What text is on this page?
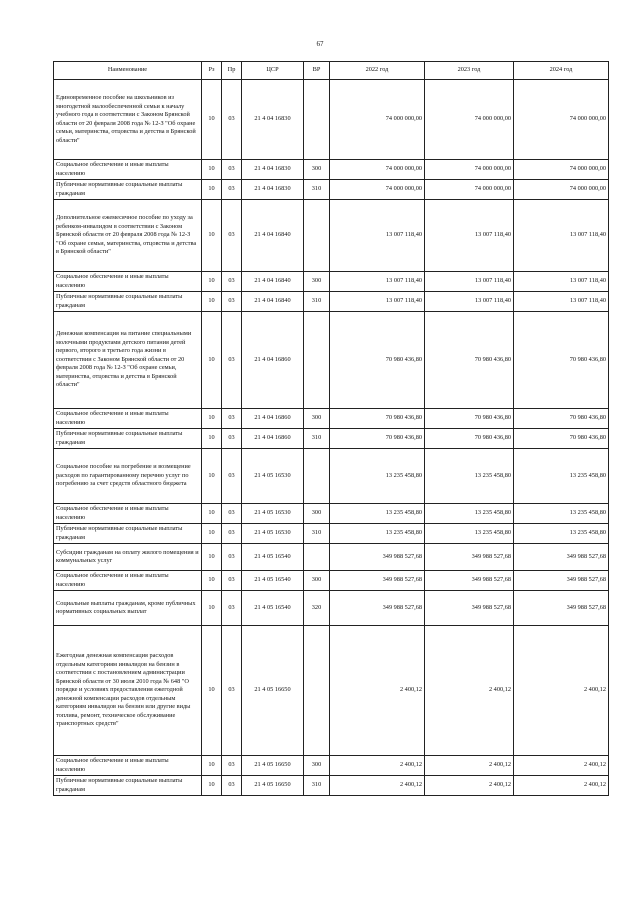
67
Наименование	Рз	Пр	ЦСР	ВР	2022 год	2023 год	2024 год
Единовременное пособие на школьников из многодетной малообеспеченной семьи к началу учебного года в соответствии с Законом Брянской области от 20 февраля 2008 года № 12-З "Об охране семьи, материнства, отцовства и детства в Брянской области"	10	03	21 4 04 16830		74 000 000,00	74 000 000,00	74 000 000,00
Социальное обеспечение и иные выплаты населению	10	03	21 4 04 16830	300	74 000 000,00	74 000 000,00	74 000 000,00
Публичные нормативные социальные выплаты гражданам	10	03	21 4 04 16830	310	74 000 000,00	74 000 000,00	74 000 000,00
Дополнительное ежемесячное пособие по уходу за ребенком-инвалидом в соответствии с Законом Брянской области от 20 февраля 2008 года № 12-З "Об охране семьи, материнства, отцовства и детства в Брянской области"	10	03	21 4 04 16840		13 007 118,40	13 007 118,40	13 007 118,40
Социальное обеспечение и иные выплаты населению	10	03	21 4 04 16840	300	13 007 118,40	13 007 118,40	13 007 118,40
Публичные нормативные социальные выплаты гражданам	10	03	21 4 04 16840	310	13 007 118,40	13 007 118,40	13 007 118,40
Денежная компенсация на питание специальными молочными продуктами детского питания детей первого, второго и третьего года жизни в соответствии с Законом Брянской области от 20 февраля 2008 года № 12-З "Об охране семьи, материнства, отцовства и детства в Брянской области"	10	03	21 4 04 16860		70 980 436,80	70 980 436,80	70 980 436,80
Социальное обеспечение и иные выплаты населению	10	03	21 4 04 16860	300	70 980 436,80	70 980 436,80	70 980 436,80
Публичные нормативные социальные выплаты гражданам	10	03	21 4 04 16860	310	70 980 436,80	70 980 436,80	70 980 436,80
Социальное пособие на погребение и возмещение расходов по гарантированному перечню услуг по погребению за счет средств областного бюджета	10	03	21 4 05 16530		13 235 458,80	13 235 458,80	13 235 458,80
Социальное обеспечение и иные выплаты населению	10	03	21 4 05 16530	300	13 235 458,80	13 235 458,80	13 235 458,80
Публичные нормативные социальные выплаты гражданам	10	03	21 4 05 16530	310	13 235 458,80	13 235 458,80	13 235 458,80
Субсидии гражданам на оплату жилого помещения и коммунальных услуг	10	03	21 4 05 16540		349 988 527,68	349 988 527,68	349 988 527,68
Социальное обеспечение и иные выплаты населению	10	03	21 4 05 16540	300	349 988 527,68	349 988 527,68	349 988 527,68
Социальные выплаты гражданам, кроме публичных нормативных социальных выплат	10	03	21 4 05 16540	320	349 988 527,68	349 988 527,68	349 988 527,68
Ежегодная денежная компенсация расходов отдельным категориям инвалидов на бензин в соответствии с постановлением администрации Брянской области от 30 июля 2010 года № 648 "О порядке и условиях предоставления ежегодной денежной компенсации расходов отдельным категориям инвалидов на бензин или другие виды топлива, ремонт, техническое обслуживание транспортных средств"	10	03	21 4 05 16650		2 400,12	2 400,12	2 400,12
Социальное обеспечение и иные выплаты населению	10	03	21 4 05 16650	300	2 400,12	2 400,12	2 400,12
Публичные нормативные социальные выплаты гражданам	10	03	21 4 05 16650	310	2 400,12	2 400,12	2 400,12
